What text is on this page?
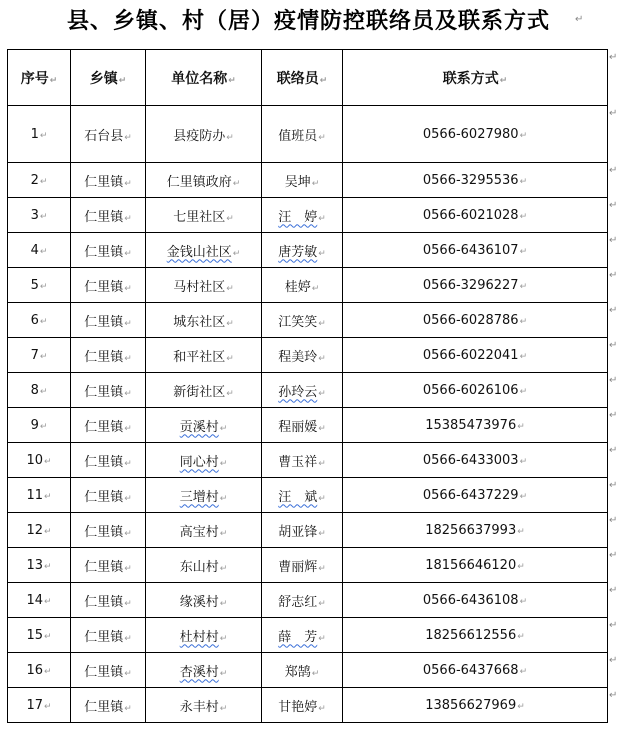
县、乡镇、村（居）疫情防控联络员及联系方式	↵
序号↵	乡镇↵	单位名称↵	联络员↵	联系方式↵
1↵	石台县↵	县疫防办↵	值班员↵	0566-6027980↵
2↵	仁里镇↵	仁里镇政府↵	吴坤↵	0566-3295536↵
3↵	仁里镇↵	七里社区↵	汪　婷↵	0566-6021028↵
4↵	仁里镇↵	金钱山社区↵	唐芳敏↵	0566-6436107↵
5↵	仁里镇↵	马村社区↵	桂婷↵	0566-3296227↵
6↵	仁里镇↵	城东社区↵	江笑笑↵	0566-6028786↵
7↵	仁里镇↵	和平社区↵	程美玲↵	0566-6022041↵
8↵	仁里镇↵	新街社区↵	孙玲云↵	0566-6026106↵
9↵	仁里镇↵	贡溪村↵	程丽媛↵	15385473976↵
10↵	仁里镇↵	同心村↵	曹玉祥↵	0566-6433003↵
11↵	仁里镇↵	三增村↵	汪　斌↵	0566-6437229↵
12↵	仁里镇↵	高宝村↵	胡亚锋↵	18256637993↵
13↵	仁里镇↵	东山村↵	曹丽辉↵	18156646120↵
14↵	仁里镇↵	缘溪村↵	舒志红↵	0566-6436108↵
15↵	仁里镇↵	杜村村↵	薛　芳↵	18256612556↵
16↵	仁里镇↵	杏溪村↵	郑鹄↵	0566-6437668↵
17↵	仁里镇↵	永丰村↵	甘艳婷↵	13856627969↵
↵
↵
↵
↵
↵
↵
↵
↵
↵
↵
↵
↵
↵
↵
↵
↵
↵
↵
